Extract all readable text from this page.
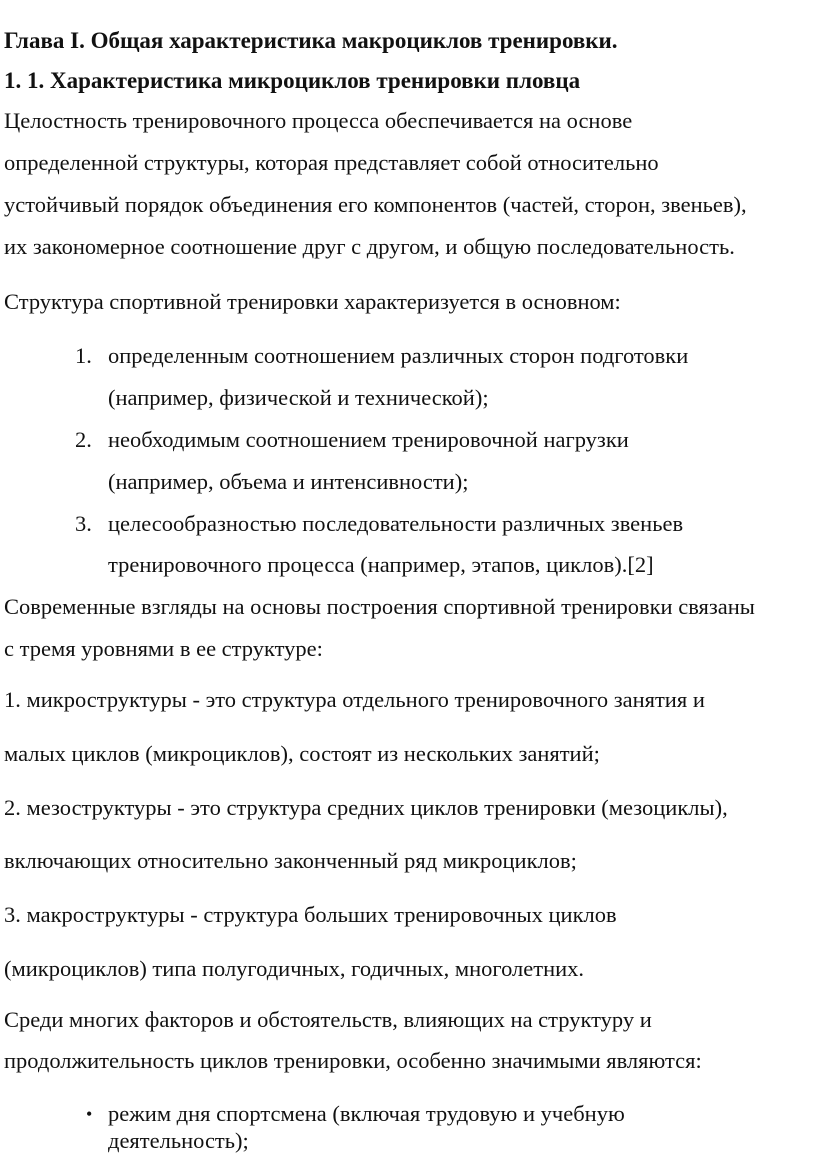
Глава I. Общая характеристика макроциклов тренировки.
1. 1. Характеристика микроциклов тренировки пловца
Целостность тренировочного процесса обеспечивается на основе
определенной структуры, которая представляет собой относительно
устойчивый порядок объединения его компонентов (частей, сторон, звеньев),
их закономерное соотношение друг с другом, и общую последовательность.
Структура спортивной тренировки характеризуется в основном:
1. определенным соотношением различных сторон подготовки
(например, физической и технической);
2. необходимым соотношением тренировочной нагрузки
(например, объема и интенсивности);
3. целесообразностью последовательности различных звеньев
тренировочного процесса (например, этапов, циклов).[2]
Современные взгляды на основы построения спортивной тренировки связаны
с тремя уровнями в ее структуре:
1. микроструктуры - это структура отдельного тренировочного занятия и
малых циклов (микроциклов), состоят из нескольких занятий;
2. мезоструктуры - это структура средних циклов тренировки (мезоциклы),
включающих относительно законченный ряд микроциклов;
3. макроструктуры - структура больших тренировочных циклов
(микроциклов) типа полугодичных, годичных, многолетних.
Среди многих факторов и обстоятельств, влияющих на структуру и
продолжительность циклов тренировки, особенно значимыми являются:
• режим дня спортсмена (включая трудовую и учебную
деятельность);
